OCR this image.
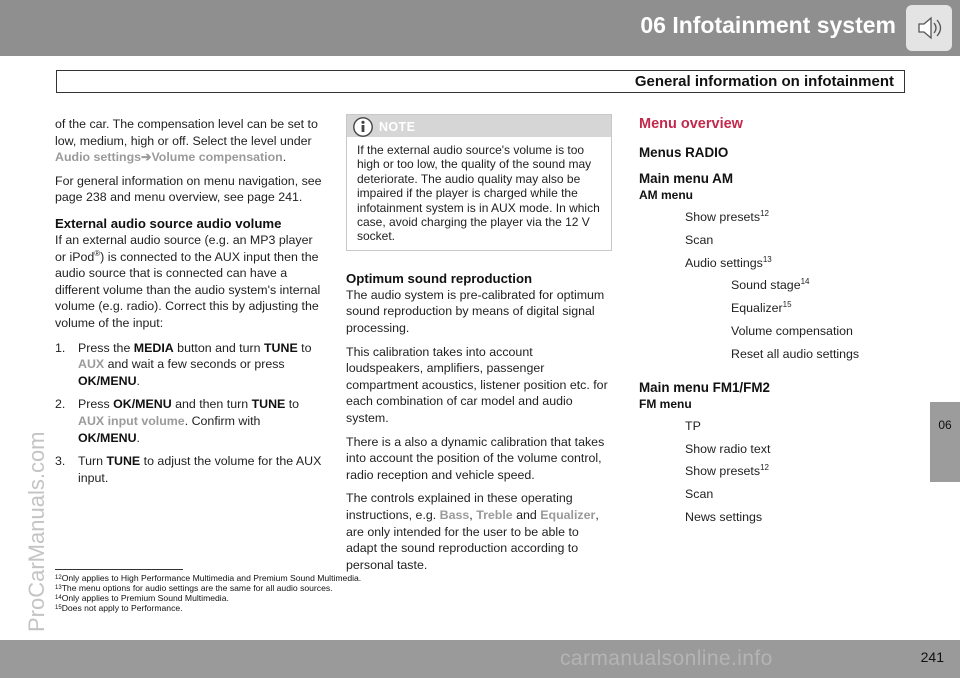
06 Infotainment system
General information on infotainment
06
ProCarManuals.com

of the car. The compensation level can be set to low, medium, high or off. Select the level under Audio settings➔Volume compensation.

For general information on menu navigation, see page 238 and menu overview, see page 241.

External audio source audio volume

If an external audio source (e.g. an MP3 player or iPod®) is connected to the AUX input then the audio source that is connected can have a different volume than the audio system's internal volume (e.g. radio). Correct this by adjusting the volume of the input:

1. Press the MEDIA button and turn TUNE to AUX and wait a few seconds or press OK/MENU.
2. Press OK/MENU and then turn TUNE to AUX input volume. Confirm with OK/MENU.
3. Turn TUNE to adjust the volume for the AUX input.
NOTE
If the external audio source's volume is too high or too low, the quality of the sound may deteriorate. The audio quality may also be impaired if the player is charged while the infotainment system is in AUX mode. In which case, avoid charging the player via the 12 V socket.
Optimum sound reproduction

The audio system is pre-calibrated for optimum sound reproduction by means of digital signal processing.

This calibration takes into account loudspeakers, amplifiers, passenger compartment acoustics, listener position etc. for each combination of car model and audio system.

There is a also a dynamic calibration that takes into account the position of the volume control, radio reception and vehicle speed.

The controls explained in these operating instructions, e.g. Bass, Treble and Equalizer, are only intended for the user to be able to adapt the sound reproduction according to personal taste.

Menu overview
Menus RADIO
Main menu AM
AM menu
Show presets$^{12}$
Scan
Audio settings$^{13}$
Sound stage$^{14}$
Equalizer$^{15}$
Volume compensation
Reset all audio settings
Main menu FM1/FM2
FM menu
TP
Show radio text
Show presets$^{12}$
Scan
News settings
$^{12}$Only applies to High Performance Multimedia and Premium Sound Multimedia.
$^{13}$The menu options for audio settings are the same for all audio sources.
$^{14}$Only applies to Premium Sound Multimedia.
$^{15}$Does not apply to Performance.
carmanualsonline.info	241
